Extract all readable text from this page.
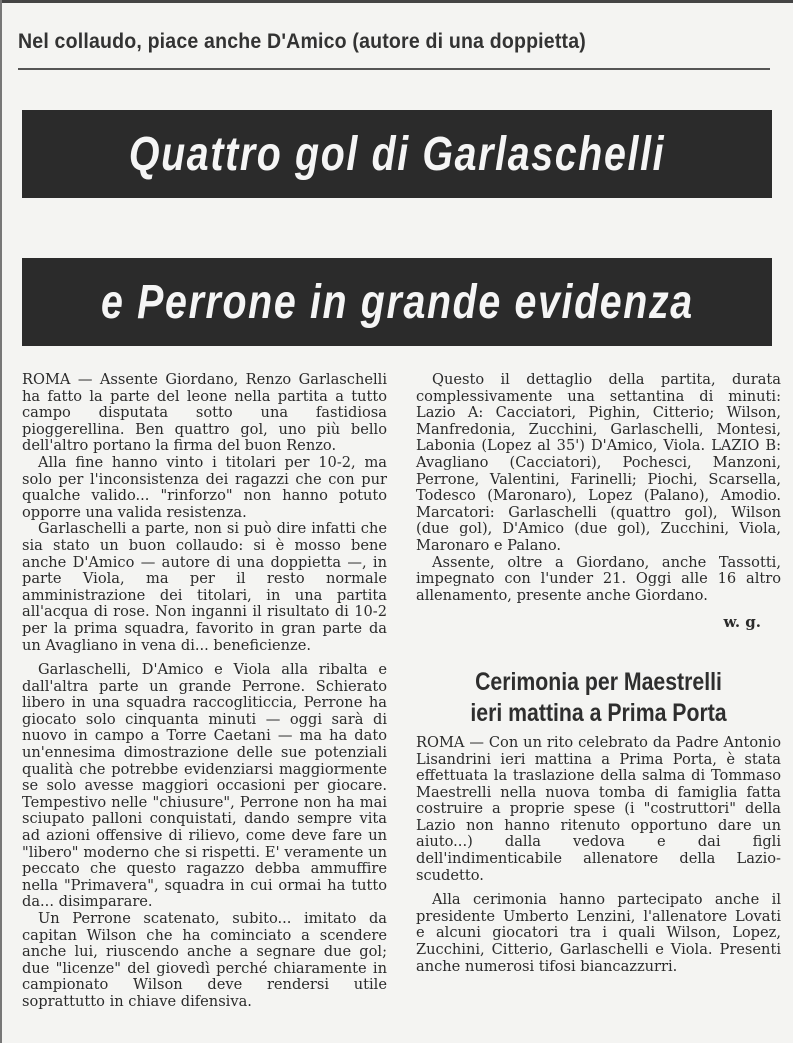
Nel collaudo, piace anche D'Amico (autore di una doppietta)
Quattro gol di Garlaschelli
e Perrone in grande evidenza

ROMA — Assente Giordano, Renzo Garlaschelli ha fatto la parte del leone nella partita a tutto campo disputata sotto una fastidiosa pioggerellina. Ben quattro gol, uno più bello dell'altro portano la firma del buon Renzo.

Alla fine hanno vinto i titolari per 10-2, ma solo per l'inconsistenza dei ragazzi che con pur qualche valido... "rinforzo" non hanno potuto opporre una valida resistenza.

Garlaschelli a parte, non si può dire infatti che sia stato un buon collaudo: si è mosso bene anche D'Amico — autore di una doppietta —, in parte Viola, ma per il resto normale amministrazione dei titolari, in una partita all'acqua di rose. Non inganni il risultato di 10-2 per la prima squadra, favorito in gran parte da un Avagliano in vena di... beneficienze.

Garlaschelli, D'Amico e Viola alla ribalta e dall'altra parte un grande Perrone. Schierato libero in una squadra raccogliticcia, Perrone ha giocato solo cinquanta minuti — oggi sarà di nuovo in campo a Torre Caetani — ma ha dato un'ennesima dimostrazione delle sue potenziali qualità che potrebbe evidenziarsi maggiormente se solo avesse maggiori occasioni per giocare. Tempestivo nelle "chiusure", Perrone non ha mai sciupato palloni conquistati, dando sempre vita ad azioni offensive di rilievo, come deve fare un "libero" moderno che si rispetti. E' veramente un peccato che questo ragazzo debba ammuffire nella "Primavera", squadra in cui ormai ha tutto da... disimparare.

Un Perrone scatenato, subito... imitato da capitan Wilson che ha cominciato a scendere anche lui, riuscendo anche a segnare due gol; due "licenze" del giovedì perché chiaramente in campionato Wilson deve rendersi utile soprattutto in chiave difensiva.

Questo il dettaglio della partita, durata complessivamente una settantina di minuti: Lazio A: Cacciatori, Pighin, Citterio; Wilson, Manfredonia, Zucchini, Garlaschelli, Montesi, Labonia (Lopez al 35') D'Amico, Viola. LAZIO B: Avagliano (Cacciatori), Pochesci, Manzoni, Perrone, Valentini, Farinelli; Piochi, Scarsella, Todesco (Maronaro), Lopez (Palano), Amodio. Marcatori: Garlaschelli (quattro gol), Wilson (due gol), D'Amico (due gol), Zucchini, Viola, Maronaro e Palano.

Assente, oltre a Giordano, anche Tassotti, impegnato con l'under 21. Oggi alle 16 altro allenamento, presente anche Giordano.

w. g.
Cerimonia per Maestrelli
ieri mattina a Prima Porta

ROMA — Con un rito celebrato da Padre Antonio Lisandrini ieri mattina a Prima Porta, è stata effettuata la traslazione della salma di Tommaso Maestrelli nella nuova tomba di famiglia fatta costruire a proprie spese (i "costruttori" della Lazio non hanno ritenuto opportuno dare un aiuto...) dalla vedova e dai figli dell'indimenticabile allenatore della Lazio-scudetto.

Alla cerimonia hanno partecipato anche il presidente Umberto Lenzini, l'allenatore Lovati e alcuni giocatori tra i quali Wilson, Lopez, Zucchini, Citterio, Garlaschelli e Viola. Presenti anche numerosi tifosi biancazzurri.
